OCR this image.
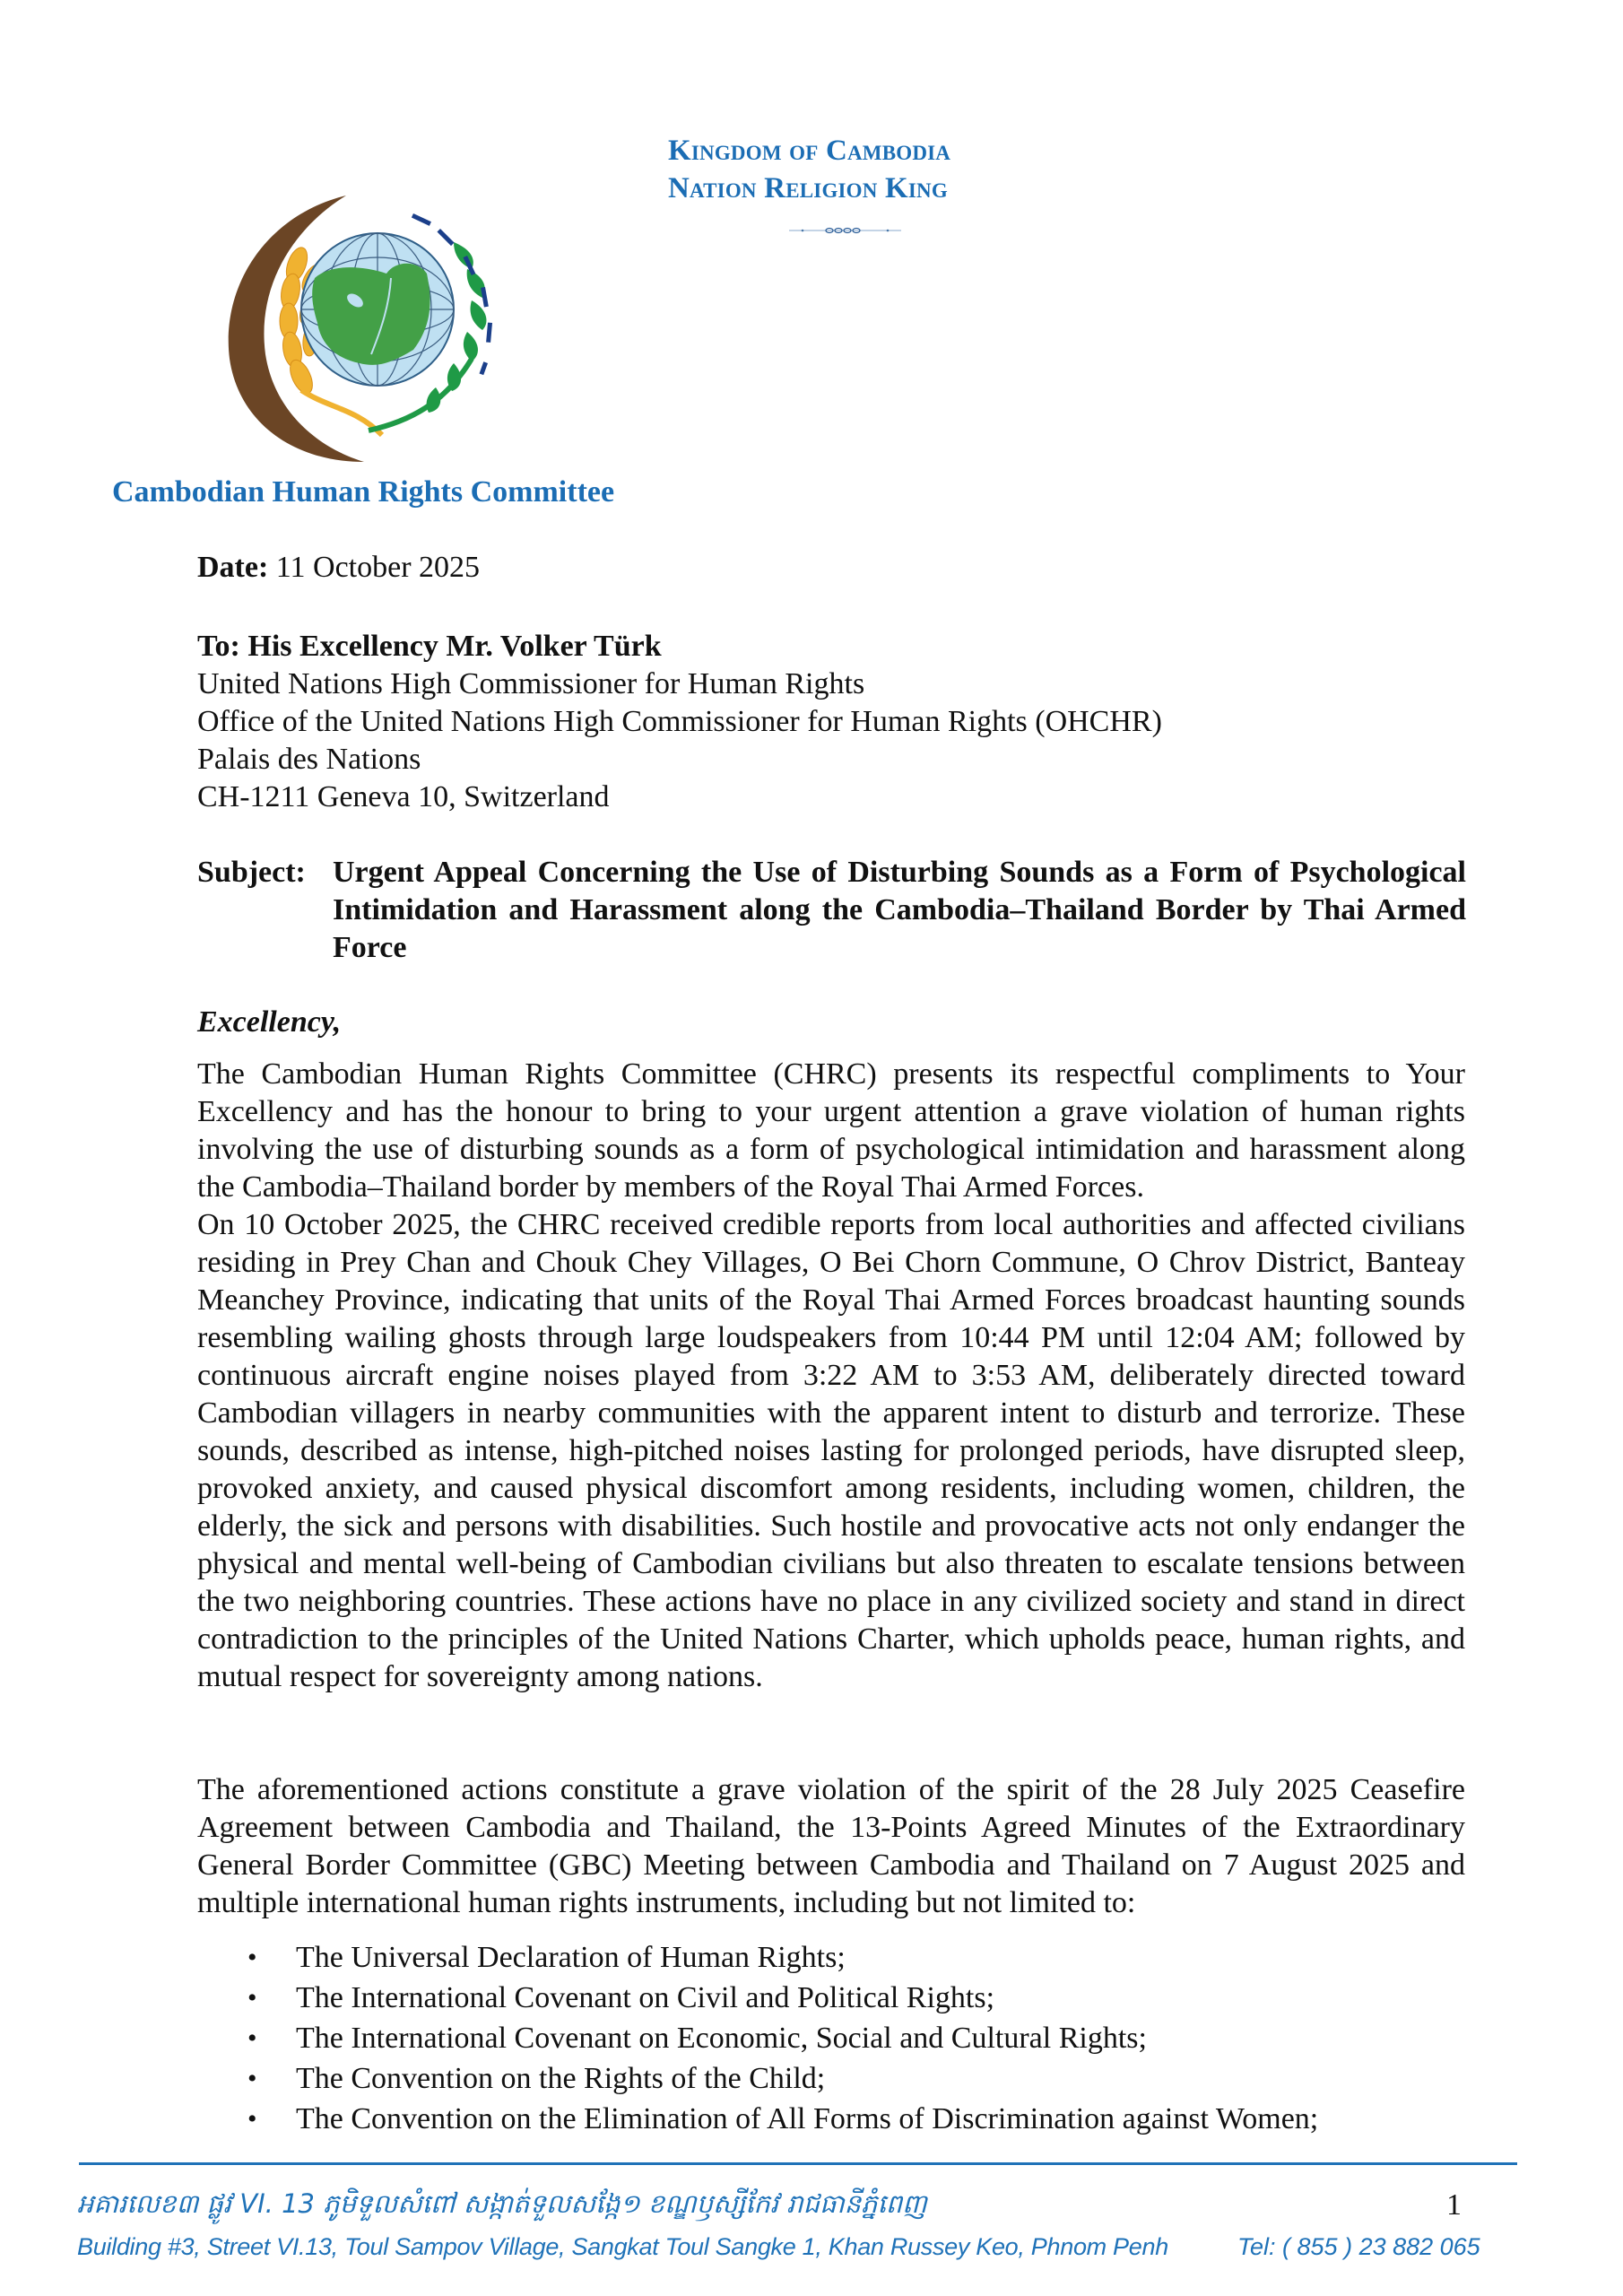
Kingdom of Cambodia
Nation Religion King
Cambodian Human Rights Committee
Date: 11 October 2025
To: His Excellency Mr. Volker Türk
United Nations High Commissioner for Human Rights
Office of the United Nations High Commissioner for Human Rights (OHCHR)
Palais des Nations
CH-1211 Geneva 10, Switzerland
Subject: Urgent Appeal Concerning the Use of Disturbing Sounds as a Form of Psychological Intimidation and Harassment along the Cambodia–Thailand Border by Thai Armed Force
Excellency,
The Cambodian Human Rights Committee (CHRC) presents its respectful compliments to Your Excellency and has the honour to bring to your urgent attention a grave violation of human rights involving the use of disturbing sounds as a form of psychological intimidation and harassment along the Cambodia–Thailand border by members of the Royal Thai Armed Forces.
On 10 October 2025, the CHRC received credible reports from local authorities and affected civilians residing in Prey Chan and Chouk Chey Villages, O Bei Chorn Commune, O Chrov District, Banteay Meanchey Province, indicating that units of the Royal Thai Armed Forces broadcast haunting sounds resembling wailing ghosts through large loudspeakers from 10:44 PM until 12:04 AM; followed by continuous aircraft engine noises played from 3:22 AM to 3:53 AM, deliberately directed toward Cambodian villagers in nearby communities with the apparent intent to disturb and terrorize. These sounds, described as intense, high-pitched noises lasting for prolonged periods, have disrupted sleep, provoked anxiety, and caused physical discomfort among residents, including women, children, the elderly, the sick and persons with disabilities. Such hostile and provocative acts not only endanger the physical and mental well-being of Cambodian civilians but also threaten to escalate tensions between the two neighboring countries. These actions have no place in any civilized society and stand in direct contradiction to the principles of the United Nations Charter, which upholds peace, human rights, and mutual respect for sovereignty among nations.
The aforementioned actions constitute a grave violation of the spirit of the 28 July 2025 Ceasefire Agreement between Cambodia and Thailand, the 13-Points Agreed Minutes of the Extraordinary General Border Committee (GBC) Meeting between Cambodia and Thailand on 7 August 2025 and multiple international human rights instruments, including but not limited to:
• The Universal Declaration of Human Rights;
• The International Covenant on Civil and Political Rights;
• The International Covenant on Economic, Social and Cultural Rights;
• The Convention on the Rights of the Child;
• The Convention on the Elimination of All Forms of Discrimination against Women;
អគារលេខ៣ ផ្លូវ VI. 13 ភូមិទួលសំពៅ សង្កាត់ទួលសង្កែ១ ខណ្ឌឫស្សីកែវ រាជធានីភ្នំពេញ	1
Building #3, Street VI.13, Toul Sampov Village, Sangkat Toul Sangke 1, Khan Russey Keo, Phnom Penh	Tel: ( 855 ) 23 882 065
